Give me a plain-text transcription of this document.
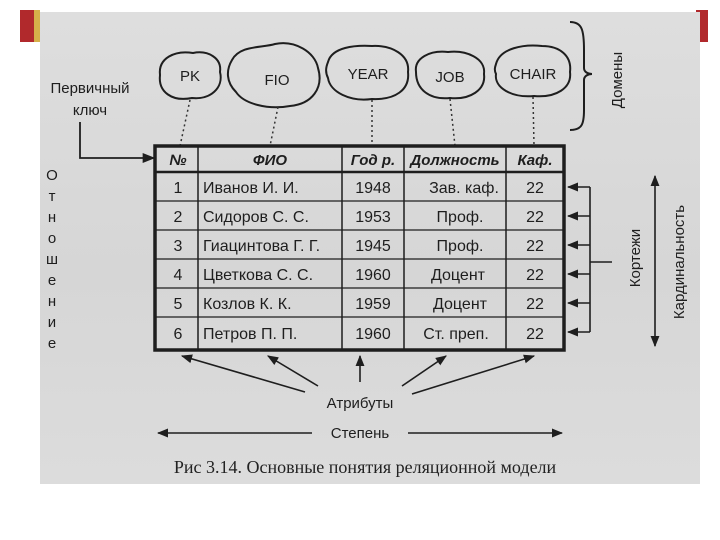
PK	FIO	YEAR	JOB	CHAIR	Домены
Первичный
ключ
О
т
н
о
ш
е
н
и
е
№	ФИО	Год р. Должность Каф.
1 Иванов И. И.	1948 Зав. каф. 22
2 Сидоров С. С.	1953	Проф.	22
3 Гиацинтова Г. Г. 1945	Проф.	22
4 Цветкова С. С.	1960	Доцент	22
5 Козлов К. К.	1959	Доцент 22
6 Петров П. П.	1960 Ст. преп. 22
Кортежи Кардинальность
Атрибуты
Степень
Рис 3.14. Основные понятия реляционной модели
